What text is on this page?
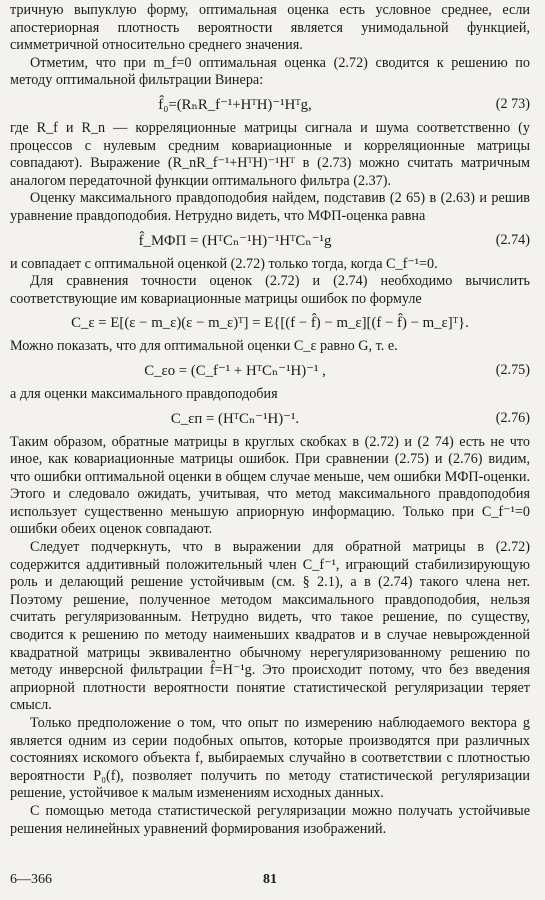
тричную выпуклую форму, оптимальная оценка есть условное среднее, если апостериорная плотность вероятности является унимодальной функцией, симметричной относительно среднего значения.

Отметим, что при m_f=0 оптимальная оценка (2.72) сводится к решению по методу оптимальной фильтрации Винера:

f̂₀=(RₙR_f⁻¹+HᵀH)⁻¹Hᵀg,	(2 73)

где R_f и R_n — корреляционные матрицы сигнала и шума соответственно (у процессов с нулевым средним ковариационные и корреляционные матрицы совпадают). Выражение (R_nR_f⁻¹+HᵀH)⁻¹Hᵀ в (2.73) можно считать матричным аналогом передаточной функции оптимального фильтра (2.37).

Оценку максимального правдоподобия найдем, подставив (2 65) в (2.63) и решив уравнение правдоподобия. Нетрудно видеть, что МФП-оценка равна

f̂_МФП = (HᵀCₙ⁻¹H)⁻¹HᵀCₙ⁻¹g	(2.74)

и совпадает с оптимальной оценкой (2.72) только тогда, когда C_f⁻¹=0.

Для сравнения точности оценок (2.72) и (2.74) необходимо вычислить соответствующие им ковариационные матрицы ошибок по формуле

C_ε = E[(ε − m_ε)(ε − m_ε)ᵀ] = E{[(f − f̂) − m_ε][(f − f̂) − m_ε]ᵀ}.

Можно показать, что для оптимальной оценки C_ε равно G, т. е.

C_εо = (C_f⁻¹ + HᵀCₙ⁻¹H)⁻¹ ,	(2.75)

а для оценки максимального правдоподобия

C_εп = (HᵀCₙ⁻¹H)⁻¹.	(2.76)

Таким образом, обратные матрицы в круглых скобках в (2.72) и (2 74) есть не что иное, как ковариационные матрицы ошибок. При сравнении (2.75) и (2.76) видим, что ошибки оптимальной оценки в общем случае меньше, чем ошибки МФП-оценки. Этого и следовало ожидать, учитывая, что метод максимального правдоподобия использует существенно меньшую априорную информацию. Только при C_f⁻¹=0 ошибки обеих оценок совпадают.

Следует подчеркнуть, что в выражении для обратной матрицы в (2.72) содержится аддитивный положительный член C_f⁻¹, играющий стабилизирующую роль и делающий решение устойчивым (см. § 2.1), а в (2.74) такого члена нет. Поэтому решение, полученное методом максимального правдоподобия, нельзя считать регуляризованным. Нетрудно видеть, что такое решение, по существу, сводится к решению по методу наименьших квадратов и в случае невырожденной квадратной матрицы эквивалентно обычному нерегуляризованному решению по методу инверсной фильтрации f̂=H⁻¹g. Это происходит потому, что без введения априорной плотности вероятности понятие статистической регуляризации теряет смысл.

Только предположение о том, что опыт по измерению наблюдаемого вектора g является одним из серии подобных опытов, которые производятся при различных состояниях искомого объекта f, выбираемых случайно в соответствии с плотностью вероятности P₀(f), позволяет получить по методу статистической регуляризации решение, устойчивое к малым изменениям исходных данных.

С помощью метода статистической регуляризации можно получать устойчивые решения нелинейных уравнений формирования изображений.

6—366	81
